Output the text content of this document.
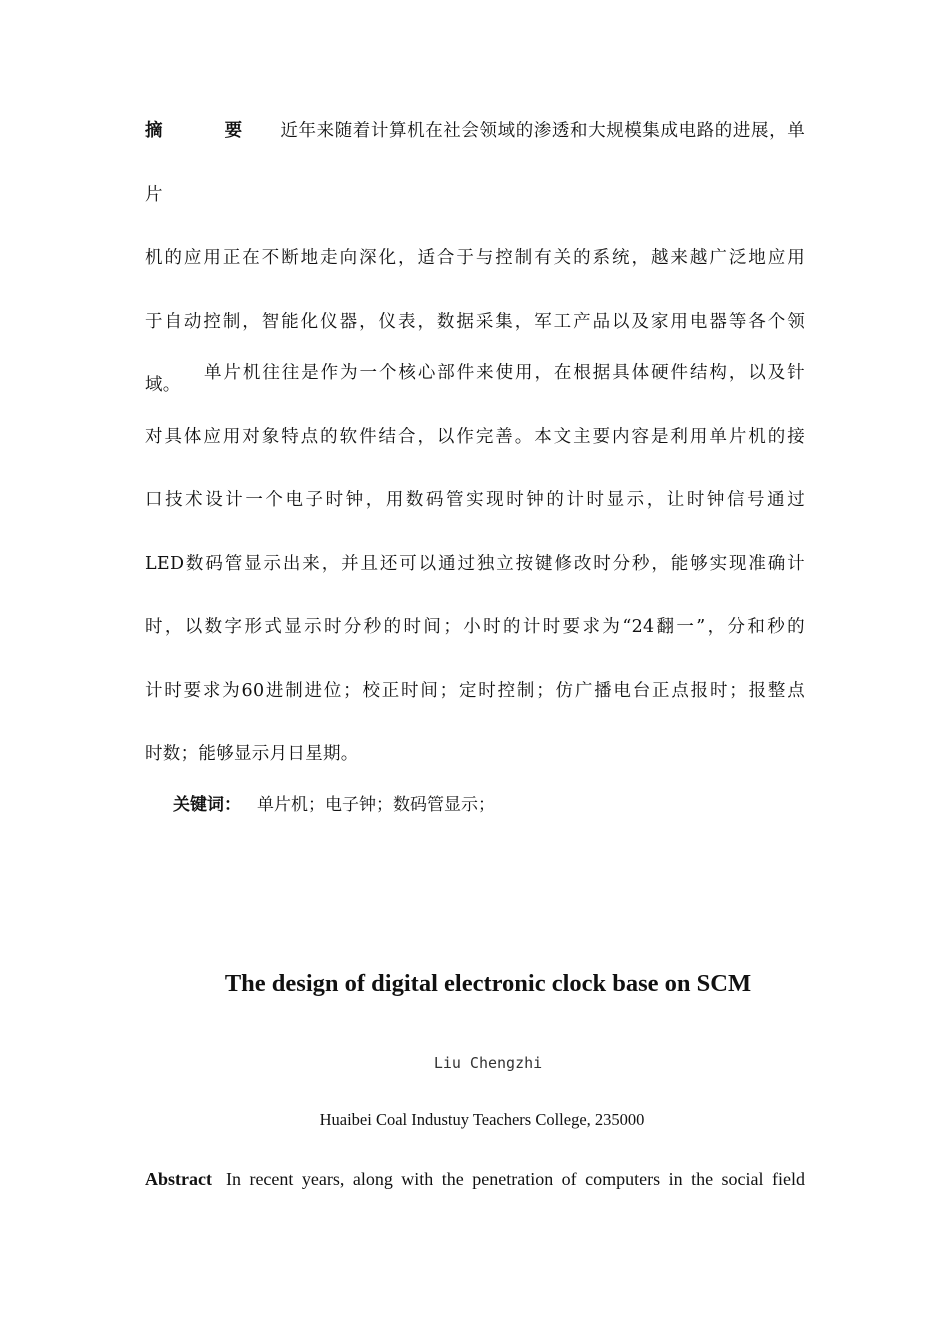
摘　要 近年来随着计算机在社会领域的渗透和大规模集成电路的进展，单片

机的应用正在不断地走向深化，适合于与控制有关的系统，越来越广泛地应用

于自动控制，智能化仪器，仪表，数据采集，军工产品以及家用电器等各个领

域。

单片机往往是作为一个核心部件来使用，在根据具体硬件结构，以及针

对具体应用对象特点的软件结合，以作完善。本文主要内容是利用单片机的接

口技术设计一个电子时钟，用数码管实现时钟的计时显示，让时钟信号通过

LED数码管显示出来，并且还可以通过独立按键修改时分秒，能够实现准确计

时，以数字形式显示时分秒的时间；小时的计时要求为“24翻一”，分和秒的

计时要求为60进制进位；校正时间；定时控制；仿广播电台正点报时；报整点

时数；能够显示月日星期。

关键词： 单片机；电子钟；数码管显示；
The design of digital electronic clock base on SCM
Liu Chengzhi
Huaibei Coal Industuy Teachers College, 235000
Abstract In recent years, along with the penetration of computers in the social field
